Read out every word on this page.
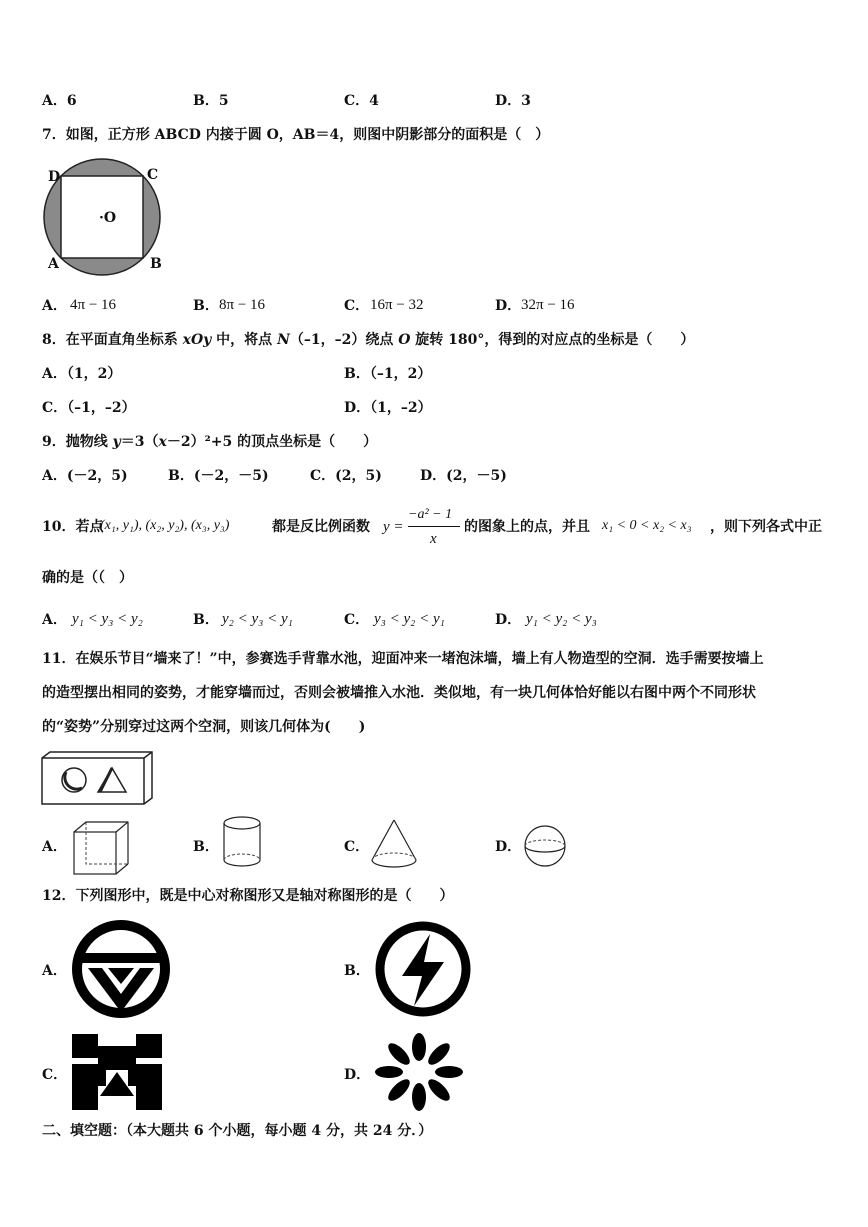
A．6	B．5	C．4	D．3
7．如图，正方形 ABCD 内接于圆 O，AB＝4，则图中阴影部分的面积是（　）
D	C
A	B
·O
A． 4π − 16	B． 8π − 16	C． 16π − 32	D． 32π − 16
8．在平面直角坐标系 xOy 中，将点 N（–1，–2）绕点 O 旋转 180°，得到的对应点的坐标是（　　）
A．（1，2）	B．（–1，2）
C．（–1，–2）	D．（1，–2）
9．抛物线 y＝3（x－2）²+5 的顶点坐标是（　　）
A．(－2，5)	B．(－2，－5)	C．(2，5)	D．(2，－5)
10．若点
(x₁, y₁), (x₂, y₂), (x₃, y₃)	都是反比例函数 y =
−a² − 1
x
的图象上的点，并且 x₁ < 0 < x₂ < x₃ ，则下列各式中正
确的是（（　）
A． y₁ < y₃ < y₂	B． y₂ < y₃ < y₁	C． y₃ < y₂ < y₁	D． y₁ < y₂ < y₃
11．在娱乐节目“墙来了！”中，参赛选手背靠水池，迎面冲来一堵泡沫墙，墙上有人物造型的空洞．选手需要按墙上
的造型摆出相同的姿势，才能穿墙而过，否则会被墙推入水池．类似地，有一块几何体恰好能以右图中两个不同形状
的“姿势”分别穿过这两个空洞，则该几何体为(　　)
A．	B．	C．	D．
12．下列图形中，既是中心对称图形又是轴对称图形的是（　　）
A．	B．
C．	D．
二、填空题：（本大题共 6 个小题，每小题 4 分，共 24 分．）
